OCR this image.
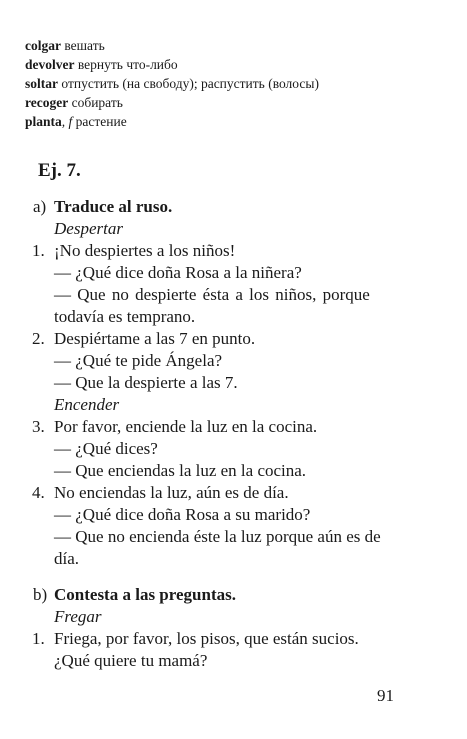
colgar вешать
devolver вернуть что-либо
soltar отпустить (на свободу); распустить (волосы)
recoger собирать
planta, f растение
Ej. 7.
a) Traduce al ruso.
Despertar
1. ¡No despiertes a los niños!
— ¿Qué dice doña Rosa a la niñera?
— Que no despierte ésta a los niños, porque
todavía es temprano.
2. Despiértame a las 7 en punto.
— ¿Qué te pide Ángela?
— Que la despierte a las 7.
Encender
3. Por favor, enciende la luz en la cocina.
— ¿Qué dices?
— Que enciendas la luz en la cocina.
4. No enciendas la luz, aún es de día.
— ¿Qué dice doña Rosa a su marido?
— Que no encienda éste la luz porque aún es de
día.
b) Contesta a las preguntas.
Fregar
1. Friega, por favor, los pisos, que están sucios.
¿Qué quiere tu mamá?
91
